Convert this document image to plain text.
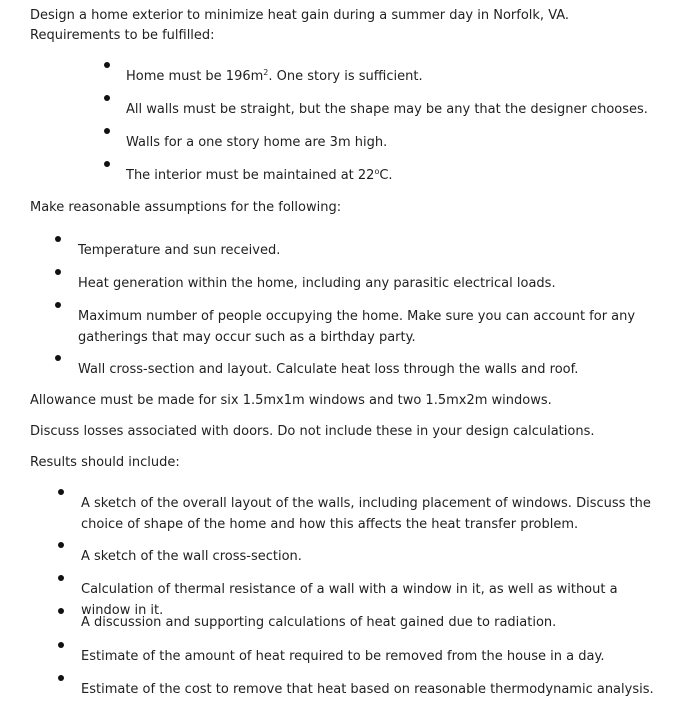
Design a home exterior to minimize heat gain during a summer day in Norfolk, VA. Requirements to be fulfilled:

Home must be $196m^2$. One story is sufficient.

All walls must be straight, but the shape may be any that the designer chooses.

Walls for a one story home are 3m high.

The interior must be maintained at 22$^o$C.

Make reasonable assumptions for the following:

Temperature and sun received.

Heat generation within the home, including any parasitic electrical loads.

Maximum number of people occupying the home. Make sure you can account for any gatherings that may occur such as a birthday party.

Wall cross-section and layout. Calculate heat loss through the walls and roof.

Allowance must be made for six 1.5mx1m windows and two 1.5mx2m windows.

Discuss losses associated with doors. Do not include these in your design calculations.

Results should include:

A sketch of the overall layout of the walls, including placement of windows. Discuss the choice of shape of the home and how this affects the heat transfer problem.

A sketch of the wall cross-section.

Calculation of thermal resistance of a wall with a window in it, as well as without a window in it.

A discussion and supporting calculations of heat gained due to radiation.

Estimate of the amount of heat required to be removed from the house in a day.

Estimate of the cost to remove that heat based on reasonable thermodynamic analysis.
